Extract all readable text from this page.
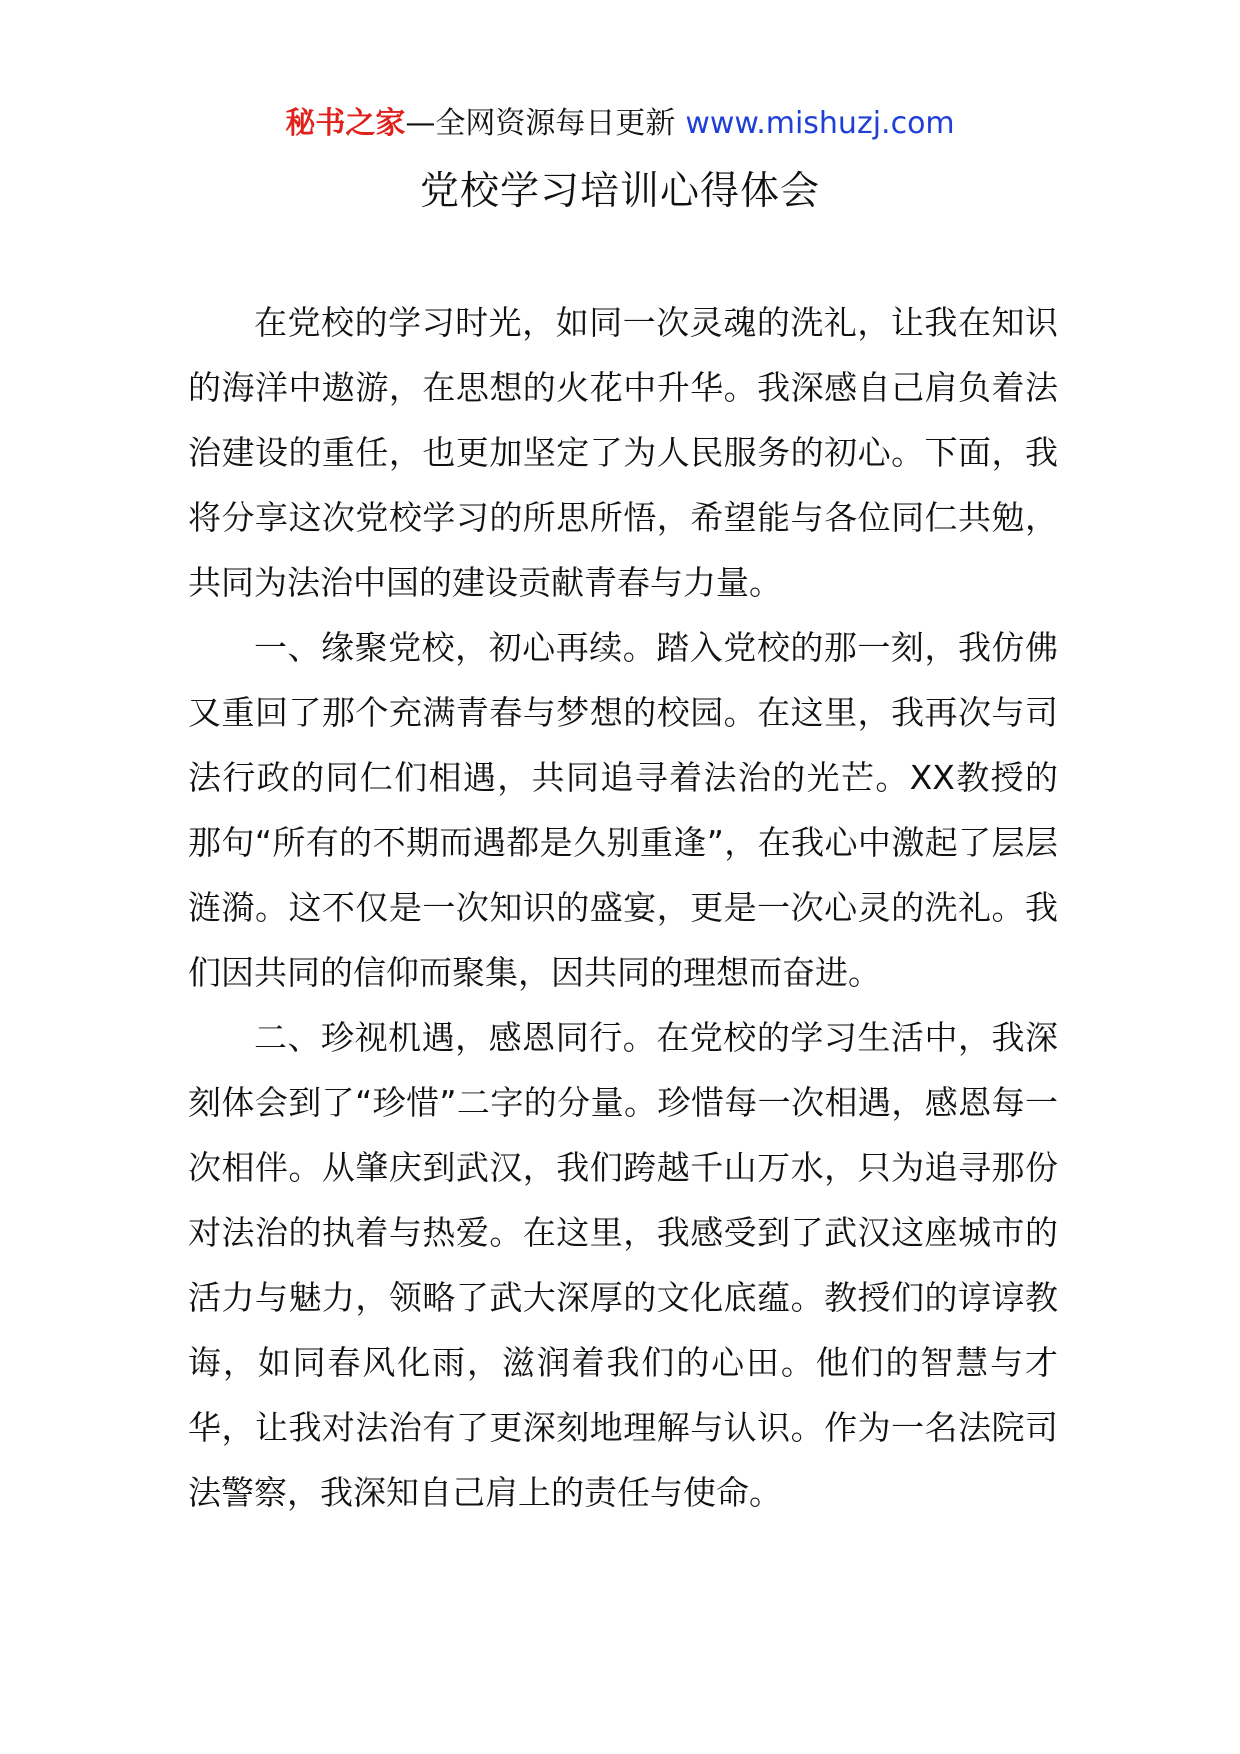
秘书之家—全网资源每日更新 www.mishuzj.com
党校学习培训心得体会

在党校的学习时光，如同一次灵魂的洗礼，让我在知识的海洋中遨游，在思想的火花中升华。我深感自己肩负着法治建设的重任，也更加坚定了为人民服务的初心。下面，我将分享这次党校学习的所思所悟，希望能与各位同仁共勉，共同为法治中国的建设贡献青春与力量。

一、缘聚党校，初心再续。踏入党校的那一刻，我仿佛又重回了那个充满青春与梦想的校园。在这里，我再次与司法行政的同仁们相遇，共同追寻着法治的光芒。XX教授的那句“所有的不期而遇都是久别重逢”，在我心中激起了层层涟漪。这不仅是一次知识的盛宴，更是一次心灵的洗礼。我们因共同的信仰而聚集，因共同的理想而奋进。

二、珍视机遇，感恩同行。在党校的学习生活中，我深刻体会到了“珍惜”二字的分量。珍惜每一次相遇，感恩每一次相伴。从肇庆到武汉，我们跨越千山万水，只为追寻那份对法治的执着与热爱。在这里，我感受到了武汉这座城市的活力与魅力，领略了武大深厚的文化底蕴。教授们的谆谆教诲，如同春风化雨，滋润着我们的心田。他们的智慧与才华，让我对法治有了更深刻地理解与认识。作为一名法院司法警察，我深知自己肩上的责任与使命。
